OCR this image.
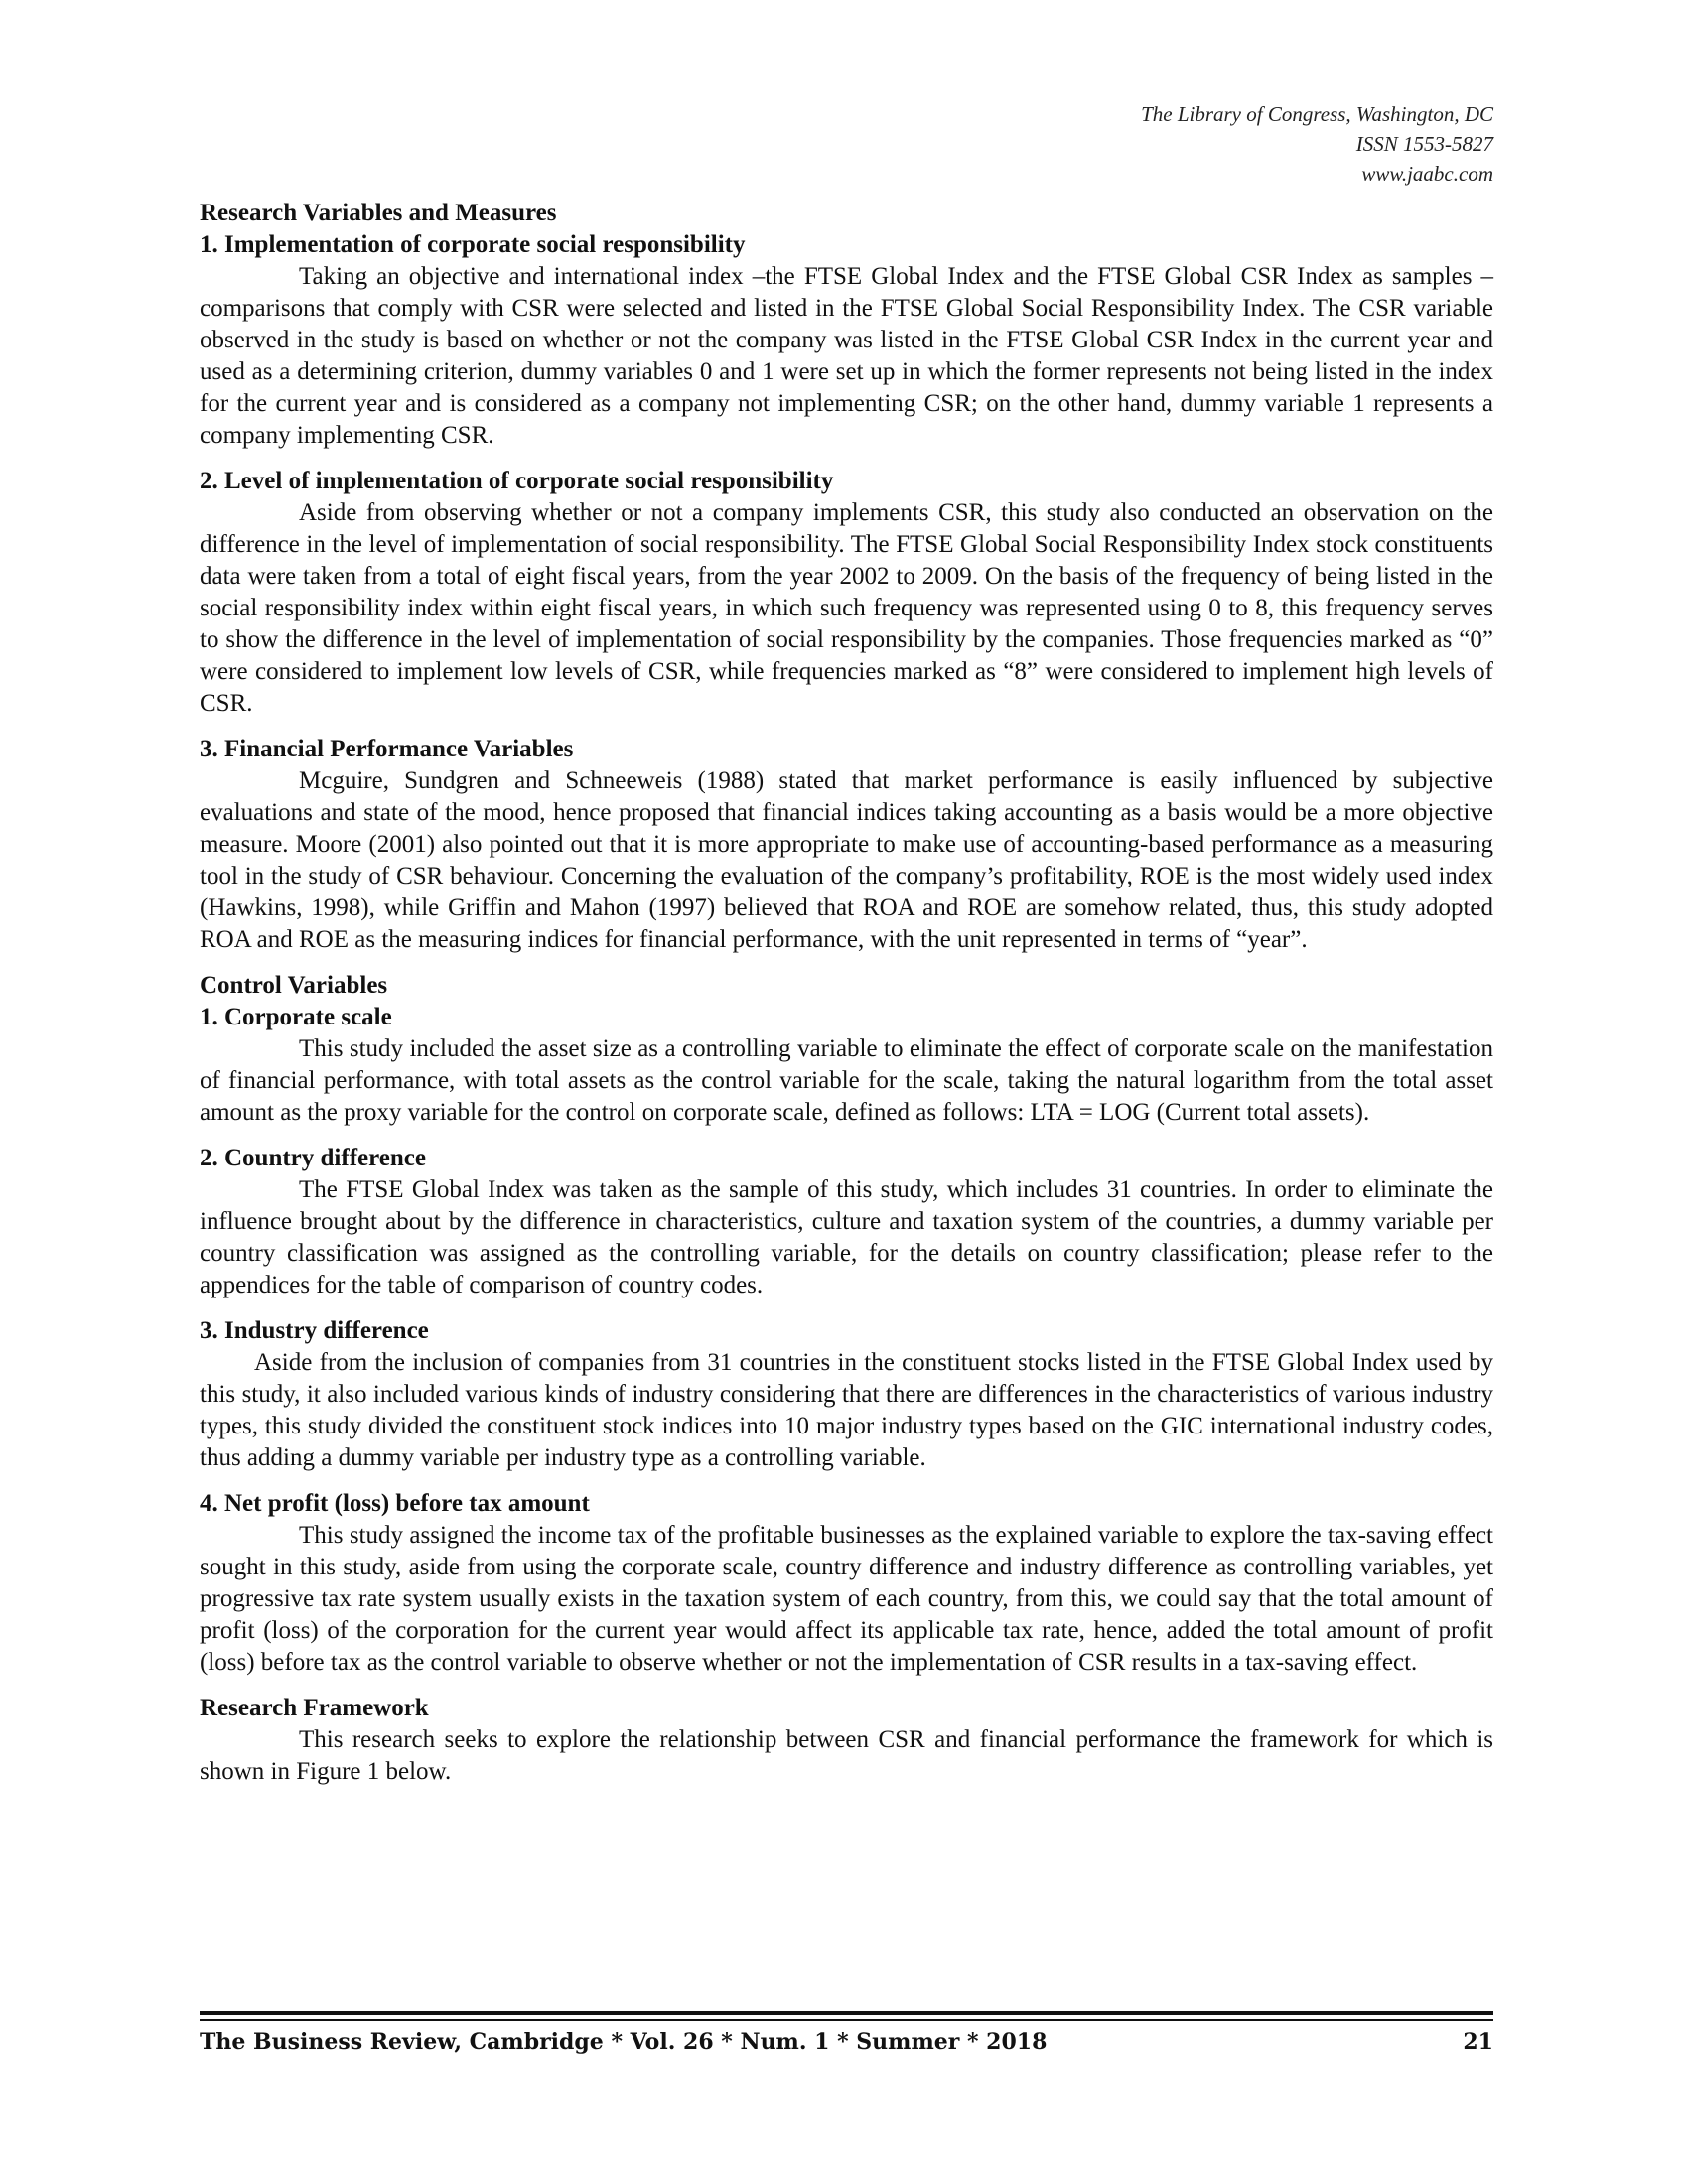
The Library of Congress, Washington, DC
ISSN 1553-5827
www.jaabc.com
Research Variables and Measures
1. Implementation of corporate social responsibility

Taking an objective and international index –the FTSE Global Index and the FTSE Global CSR Index as samples – comparisons that comply with CSR were selected and listed in the FTSE Global Social Responsibility Index. The CSR variable observed in the study is based on whether or not the company was listed in the FTSE Global CSR Index in the current year and used as a determining criterion, dummy variables 0 and 1 were set up in which the former represents not being listed in the index for the current year and is considered as a company not implementing CSR; on the other hand, dummy variable 1 represents a company implementing CSR.

2. Level of implementation of corporate social responsibility

Aside from observing whether or not a company implements CSR, this study also conducted an observation on the difference in the level of implementation of social responsibility. The FTSE Global Social Responsibility Index stock constituents data were taken from a total of eight fiscal years, from the year 2002 to 2009. On the basis of the frequency of being listed in the social responsibility index within eight fiscal years, in which such frequency was represented using 0 to 8, this frequency serves to show the difference in the level of implementation of social responsibility by the companies. Those frequencies marked as “0” were considered to implement low levels of CSR, while frequencies marked as “8” were considered to implement high levels of CSR.

3. Financial Performance Variables

Mcguire, Sundgren and Schneeweis (1988) stated that market performance is easily influenced by subjective evaluations and state of the mood, hence proposed that financial indices taking accounting as a basis would be a more objective measure. Moore (2001) also pointed out that it is more appropriate to make use of accounting-based performance as a measuring tool in the study of CSR behaviour. Concerning the evaluation of the company’s profitability, ROE is the most widely used index (Hawkins, 1998), while Griffin and Mahon (1997) believed that ROA and ROE are somehow related, thus, this study adopted ROA and ROE as the measuring indices for financial performance, with the unit represented in terms of “year”.

Control Variables
1. Corporate scale

This study included the asset size as a controlling variable to eliminate the effect of corporate scale on the manifestation of financial performance, with total assets as the control variable for the scale, taking the natural logarithm from the total asset amount as the proxy variable for the control on corporate scale, defined as follows: LTA = LOG (Current total assets).

2. Country difference

The FTSE Global Index was taken as the sample of this study, which includes 31 countries. In order to eliminate the influence brought about by the difference in characteristics, culture and taxation system of the countries, a dummy variable per country classification was assigned as the controlling variable, for the details on country classification; please refer to the appendices for the table of comparison of country codes.

3. Industry difference

Aside from the inclusion of companies from 31 countries in the constituent stocks listed in the FTSE Global Index used by this study, it also included various kinds of industry considering that there are differences in the characteristics of various industry types, this study divided the constituent stock indices into 10 major industry types based on the GIC international industry codes, thus adding a dummy variable per industry type as a controlling variable.

4. Net profit (loss) before tax amount

This study assigned the income tax of the profitable businesses as the explained variable to explore the tax-saving effect sought in this study, aside from using the corporate scale, country difference and industry difference as controlling variables, yet progressive tax rate system usually exists in the taxation system of each country, from this, we could say that the total amount of profit (loss) of the corporation for the current year would affect its applicable tax rate, hence, added the total amount of profit (loss) before tax as the control variable to observe whether or not the implementation of CSR results in a tax-saving effect.

Research Framework

This research seeks to explore the relationship between CSR and financial performance the framework for which is shown in Figure 1 below.

The Business Review, Cambridge * Vol. 26 * Num. 1 * Summer * 2018	21
